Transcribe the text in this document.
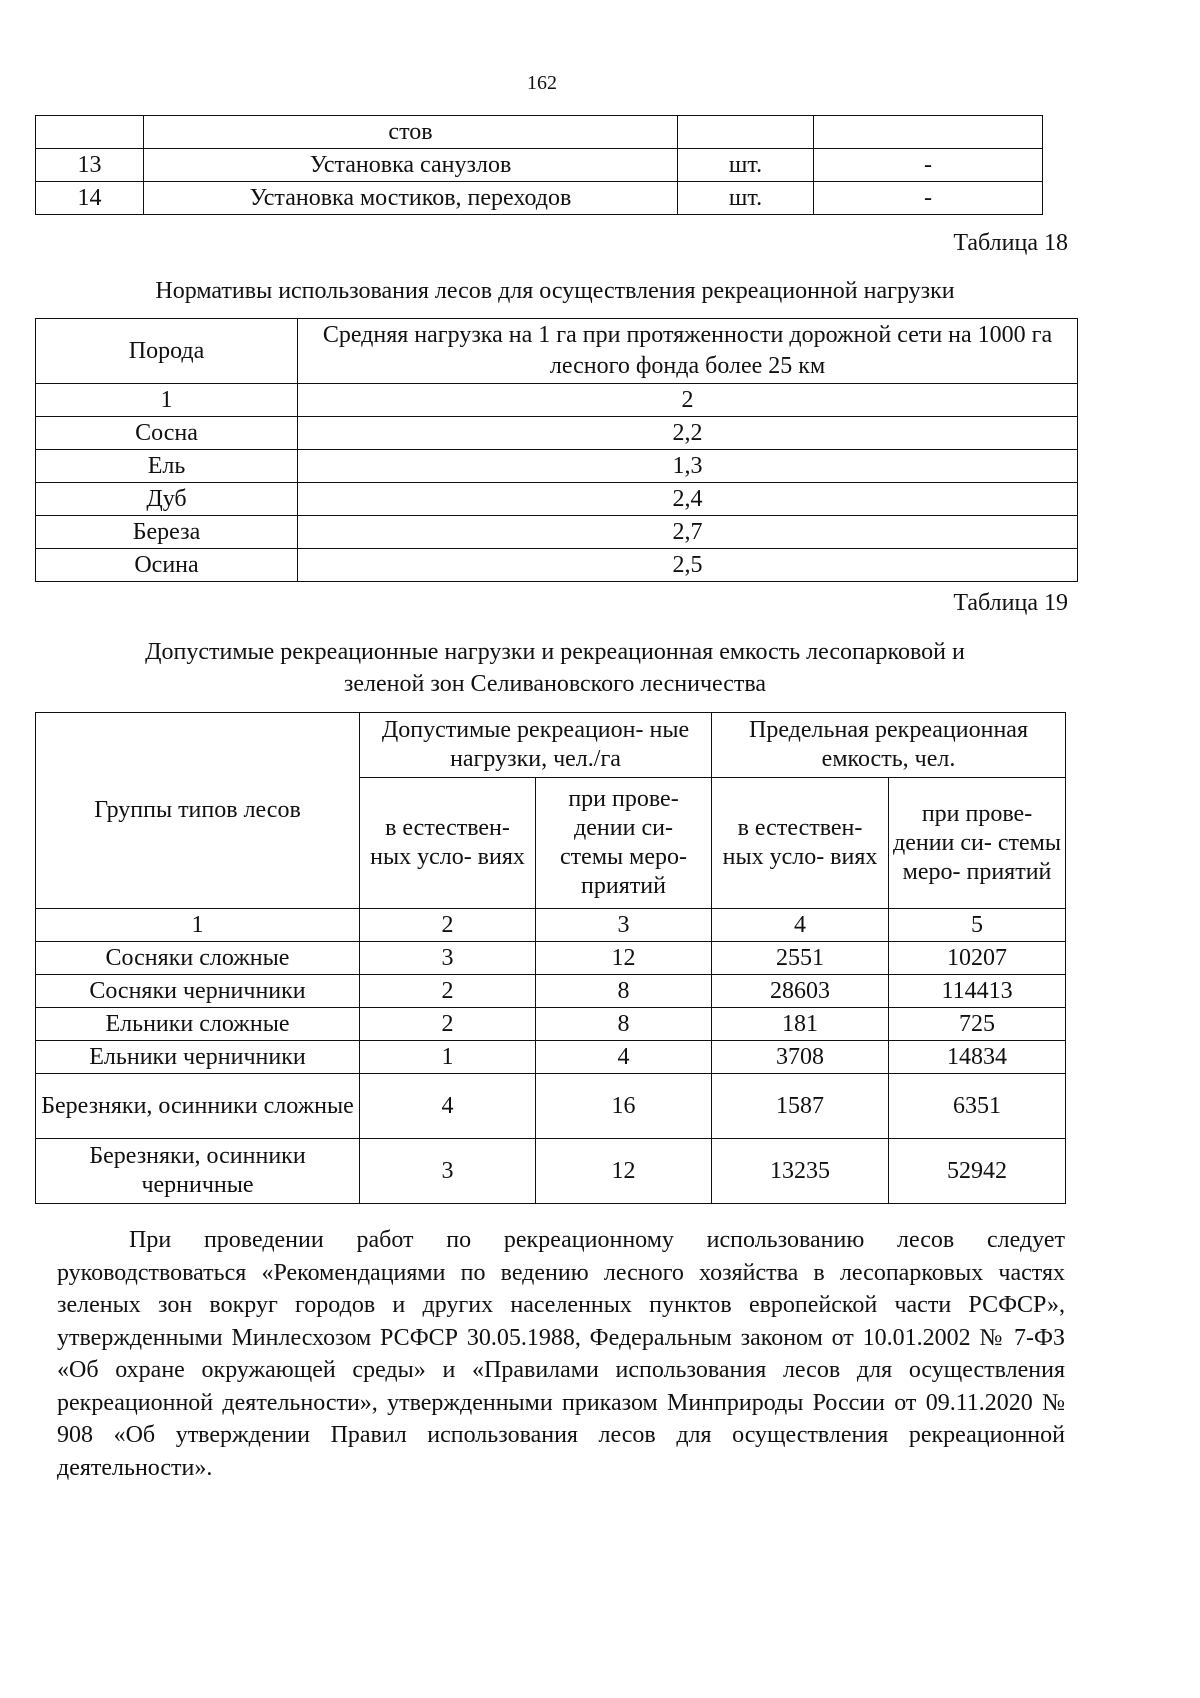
162
	стов		
13	Установка санузлов	шт.	-
14	Установка мостиков, переходов	шт.	-
Таблица 18
Нормативы использования лесов для осуществления рекреационной нагрузки
Порода	Средняя нагрузка на 1 га при протяженности дорожной сети на 1000 га лесного фонда более 25 км
1	2
Сосна	2,2
Ель	1,3
Дуб	2,4
Береза	2,7
Осина	2,5
Таблица 19
Допустимые рекреационные нагрузки и рекреационная емкость лесопарковой и
зеленой зон Селивановского лесничества
Группы типов лесов	Допустимые рекреацион- ные нагрузки, чел./га		Предельная рекреационная емкость, чел.	
	в естествен- ных усло- виях	при прове- дении си- стемы меро- приятий	в естествен- ных усло- виях	при прове- дении си- стемы меро- приятий
1	2	3	4	5
Сосняки сложные	3	12	2551	10207
Сосняки черничники	2	8	28603	114413
Ельники сложные	2	8	181	725
Ельники черничники	1	4	3708	14834
Березняки, осинники сложные	4	16	1587	6351
Березняки, осинники черничные	3	12	13235	52942

При проведении работ по рекреационному использованию лесов следует руководствоваться «Рекомендациями по ведению лесного хозяйства в лесопарковых частях зеленых зон вокруг городов и других населенных пунктов европейской части РСФСР», утвержденными Минлесхозом РСФСР 30.05.1988, Федеральным законом от 10.01.2002 № 7-ФЗ «Об охране окружающей среды» и «Правилами использования лесов для осуществления рекреационной деятельности», утвержденными приказом Минприроды России от 09.11.2020 № 908 «Об утверждении Правил использования лесов для осуществления рекреационной деятельности».
